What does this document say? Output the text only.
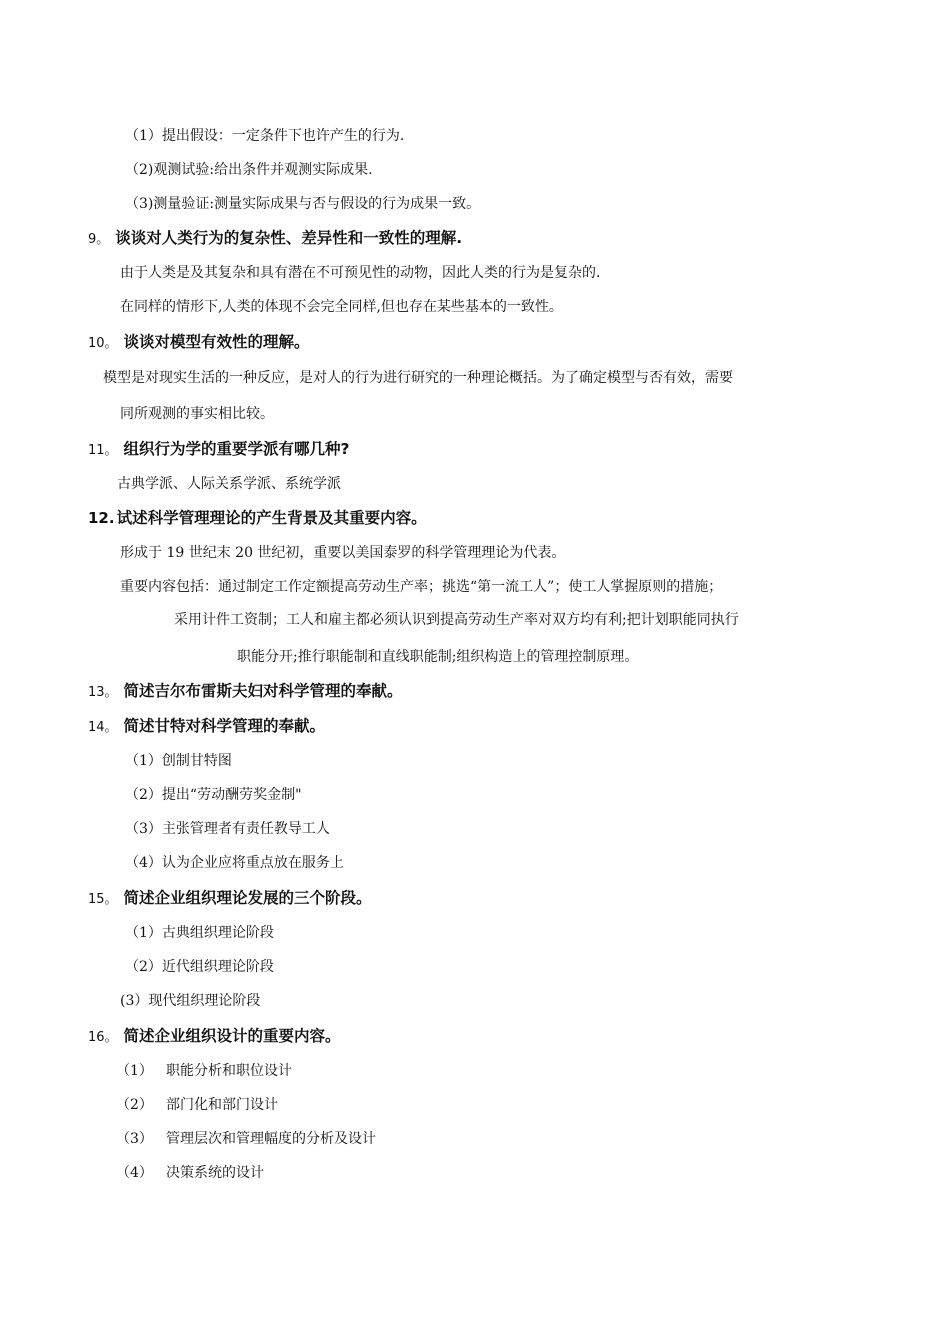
（1）提出假设：一定条件下也许产生的行为.
（2)观测试验:给出条件并观测实际成果.
（3)测量验证:测量实际成果与否与假设的行为成果一致。
9。 谈谈对人类行为的复杂性、差异性和一致性的理解.
由于人类是及其复杂和具有潜在不可预见性的动物，因此人类的行为是复杂的.
在同样的情形下,人类的体现不会完全同样,但也存在某些基本的一致性。
10。 谈谈对模型有效性的理解。
模型是对现实生活的一种反应，是对人的行为进行研究的一种理论概括。为了确定模型与否有效，需要
同所观测的事实相比较。
11。 组织行为学的重要学派有哪几种?
古典学派、人际关系学派、系统学派
12. 试述科学管理理论的产生背景及其重要内容。
形成于 19 世纪末 20 世纪初，重要以美国泰罗的科学管理理论为代表。
重要内容包括：通过制定工作定额提高劳动生产率；挑选“第一流工人”；使工人掌握原则的措施；
采用计件工资制；工人和雇主都必须认识到提高劳动生产率对双方均有利;把计划职能同执行
职能分开;推行职能制和直线职能制;组织构造上的管理控制原理。
13。 简述吉尔布雷斯夫妇对科学管理的奉献。
14。 简述甘特对科学管理的奉献。
（1）创制甘特图
（2）提出“劳动酬劳奖金制"
（3）主张管理者有责任教导工人
（4）认为企业应将重点放在服务上
15。 简述企业组织理论发展的三个阶段。
（1）古典组织理论阶段
（2）近代组织理论阶段
(3）现代组织理论阶段
16。 简述企业组织设计的重要内容。
（1） 职能分析和职位设计
（2） 部门化和部门设计
（3） 管理层次和管理幅度的分析及设计
（4） 决策系统的设计
